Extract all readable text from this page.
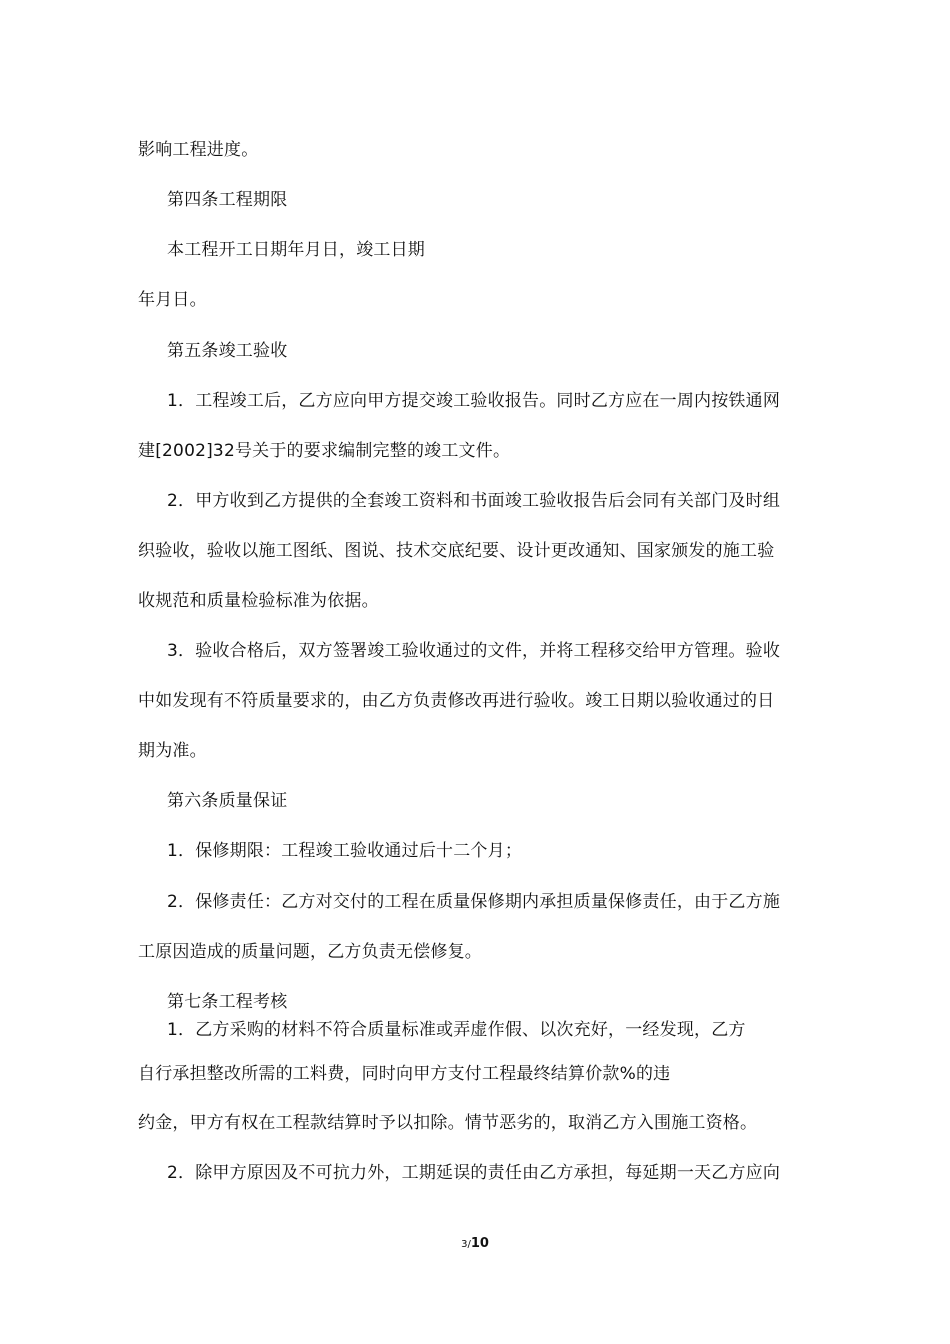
影响工程进度。
第四条工程期限
本工程开工日期年月日，竣工日期
年月日。
第五条竣工验收
1．工程竣工后，乙方应向甲方提交竣工验收报告。同时乙方应在一周内按铁通网
建[2002]32号关于的要求编制完整的竣工文件。
2．甲方收到乙方提供的全套竣工资料和书面竣工验收报告后会同有关部门及时组
织验收，验收以施工图纸、图说、技术交底纪要、设计更改通知、国家颁发的施工验
收规范和质量检验标准为依据。
3．验收合格后，双方签署竣工验收通过的文件，并将工程移交给甲方管理。验收
中如发现有不符质量要求的，由乙方负责修改再进行验收。竣工日期以验收通过的日
期为准。
第六条质量保证
1．保修期限：工程竣工验收通过后十二个月；
2．保修责任：乙方对交付的工程在质量保修期内承担质量保修责任，由于乙方施
工原因造成的质量问题，乙方负责无偿修复。
第七条工程考核
1．乙方采购的材料不符合质量标准或弄虚作假、以次充好，一经发现，乙方
自行承担整改所需的工料费，同时向甲方支付工程最终结算价款%的违
约金，甲方有权在工程款结算时予以扣除。情节恶劣的，取消乙方入围施工资格。
2．除甲方原因及不可抗力外，工期延误的责任由乙方承担，每延期一天乙方应向
3/10
